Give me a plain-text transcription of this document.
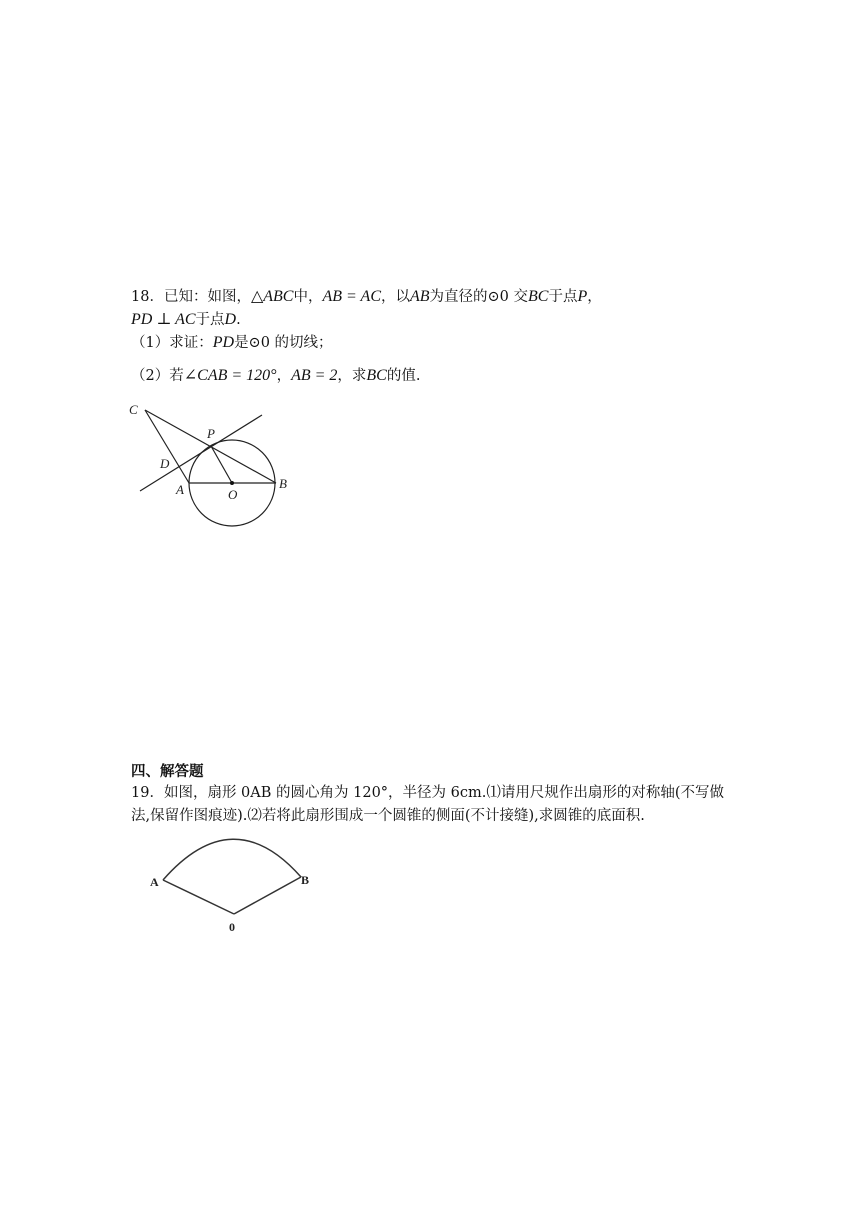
18．已知：如图，△ABC中，AB = AC，以AB为直径的⊙0 交BC于点P，
PD ⊥ AC于点D.
（1）求证：PD是⊙0 的切线；
（2）若∠CAB = 120°，AB = 2，求BC的值.
C
P
D
A	O
B
四、解答题
19．如图，扇形 0AB 的圆心角为 120°，半径为 6cm.⑴请用尺规作出扇形的对称轴(不写做
法,保留作图痕迹).⑵若将此扇形围成一个圆锥的侧面(不计接缝),求圆锥的底面积.
A	B
0
